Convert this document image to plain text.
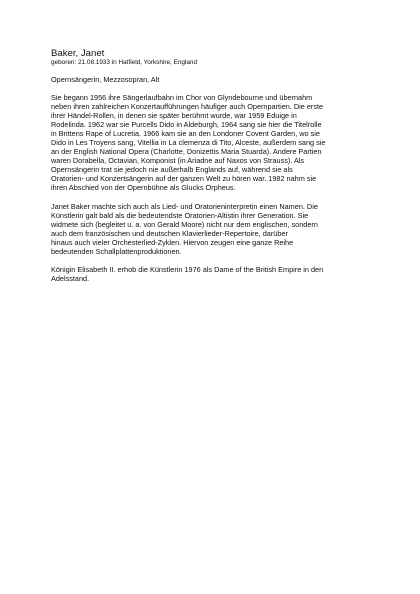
Baker, Janet

geboren: 21.08.1933 in Hatfield, Yorkshire, England

Opernsängerin, Mezzosopran, Alt

Sie begann 1956 ihre Sängerlaufbahn im Chor von Glyndebourne und übernahm
neben ihren zahlreichen Konzertaufführungen häufiger auch Opernpartien. Die erste
ihrer Händel-Rollen, in denen sie später berühmt wurde, war 1959 Eduige in
Rodelinda. 1962 war sie Purcells Dido in Aldeburgh, 1964 sang sie hier die Titelrolle
in Brittens Rape of Lucretia. 1966 kam sie an den Londoner Covent Garden, wo sie
Dido in Les Troyens sang, Vitellia in La clemenza di Tito, Alceste, außerdem sang sie
an der English National Opera (Charlotte, Donizettis Maria Stuarda). Andere Partien
waren Dorabella, Octavian, Komponist (in Ariadne auf Naxos von Strauss). Als
Opernsängerin trat sie jedoch nie außerhalb Englands auf, während sie als
Oratorien- und Konzertsängerin auf der ganzen Welt zu hören war. 1982 nahm sie
ihren Abschied von der Opernbühne als Glucks Orpheus.

Janet Baker machte sich auch als Lied- und Oratorieninterpretin einen Namen. Die
Künstlerin galt bald als die bedeutendste Oratorien-Altistin ihrer Generation. Sie
widmete sich (begleitet u. a. von Gerald Moore) nicht nur dem englischen, sondern
auch dem französischen und deutschen Klavierlieder-Repertoire, darüber
hinaus auch vieler Orchesterlied-Zyklen. Hiervon zeugen eine ganze Reihe
bedeutenden Schallplattenproduktionen.

Königin Elisabeth II. erhob die Künstlerin 1976 als Dame of the British Empire in den
Adelsstand.
